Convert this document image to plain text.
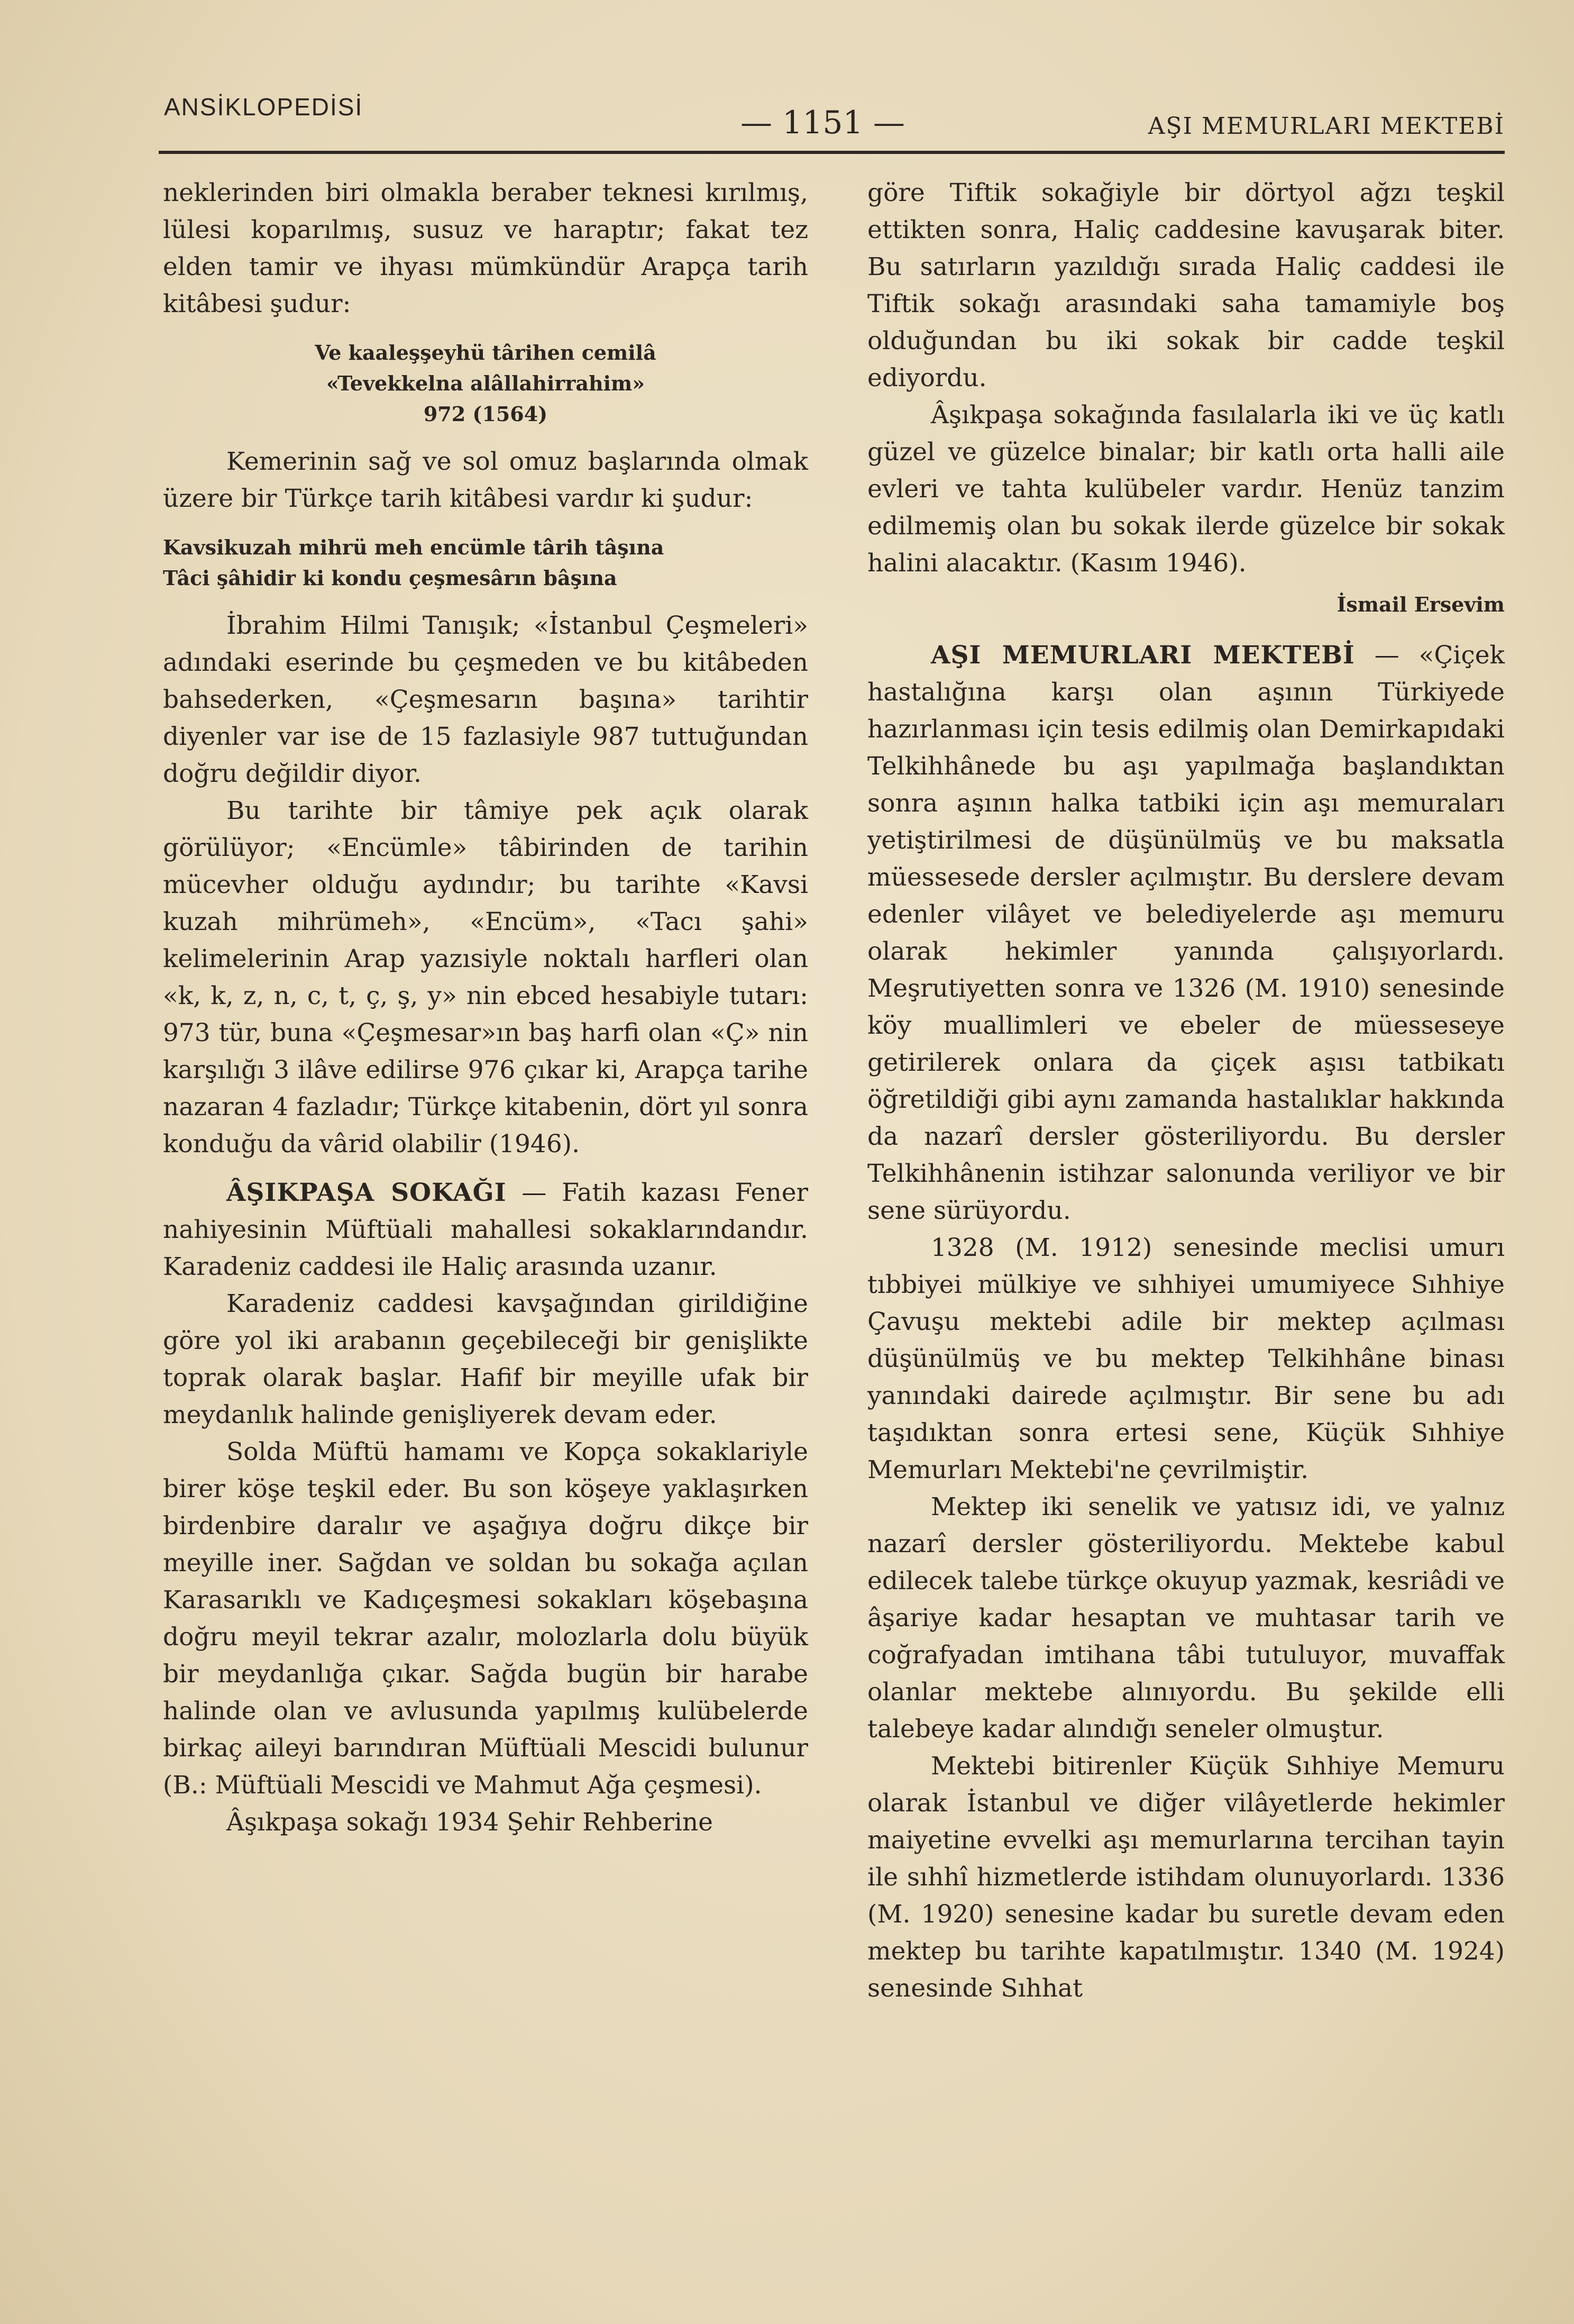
ANSİKLOPEDİSİ	— 1151 —	AŞI MEMURLARI MEKTEBİ

neklerinden biri olmakla beraber teknesi kırılmış, lülesi koparılmış, susuz ve haraptır; fakat tez elden tamir ve ihyası mümkündür Arapça tarih kitâbesi şudur:

Ve kaaleşşeyhü târihen cemilâ
«Tevekkelna alâllahirrahim»
972 (1564)

Kemerinin sağ ve sol omuz başlarında olmak üzere bir Türkçe tarih kitâbesi vardır ki şudur:

Kavsikuzah mihrü meh encümle târih tâşına
Tâci şâhidir ki kondu çeşmesârın bâşına

İbrahim Hilmi Tanışık; «İstanbul Çeşmeleri» adındaki eserinde bu çeşmeden ve bu kitâbeden bahsederken, «Çeşmesarın başına» tarihtir diyenler var ise de 15 fazlasiyle 987 tuttuğundan doğru değildir diyor.

Bu tarihte bir tâmiye pek açık olarak görülüyor; «Encümle» tâbirinden de tarihin mücevher olduğu aydındır; bu tarihte «Kavsi kuzah mihrümeh», «Encüm», «Tacı şahi» kelimelerinin Arap yazısiyle noktalı harfleri olan «k, k, z, n, c, t, ç, ş, y» nin ebced hesabiyle tutarı: 973 tür, buna «Çeşmesar»ın baş harfi olan «Ç» nin karşılığı 3 ilâve edilirse 976 çıkar ki, Arapça tarihe nazaran 4 fazladır; Türkçe kitabenin, dört yıl sonra konduğu da vârid olabilir (1946).

ÂŞIKPAŞA SOKAĞI — Fatih kazası Fener nahiyesinin Müftüali mahallesi sokaklarındandır. Karadeniz caddesi ile Haliç arasında uzanır.

Karadeniz caddesi kavşağından girildiğine göre yol iki arabanın geçebileceği bir genişlikte toprak olarak başlar. Hafif bir meyille ufak bir meydanlık halinde genişliyerek devam eder.

Solda Müftü hamamı ve Kopça sokaklariyle birer köşe teşkil eder. Bu son köşeye yaklaşırken birdenbire daralır ve aşağıya doğru dikçe bir meyille iner. Sağdan ve soldan bu sokağa açılan Karasarıklı ve Kadıçeşmesi sokakları köşebaşına doğru meyil tekrar azalır, molozlarla dolu büyük bir meydanlığa çıkar. Sağda bugün bir harabe halinde olan ve avlusunda yapılmış kulübelerde birkaç aileyi barındıran Müftüali Mescidi bulunur (B.: Müftüali Mescidi ve Mahmut Ağa çeşmesi).

Âşıkpaşa sokağı 1934 Şehir Rehberine

göre Tiftik sokağiyle bir dörtyol ağzı teşkil ettikten sonra, Haliç caddesine kavuşarak biter. Bu satırların yazıldığı sırada Haliç caddesi ile Tiftik sokağı arasındaki saha tamamiyle boş olduğundan bu iki sokak bir cadde teşkil ediyordu.

Âşıkpaşa sokağında fasılalarla iki ve üç katlı güzel ve güzelce binalar; bir katlı orta halli aile evleri ve tahta kulübeler vardır. Henüz tanzim edilmemiş olan bu sokak ilerde güzelce bir sokak halini alacaktır. (Kasım 1946).

İsmail Ersevim

AŞI MEMURLARI MEKTEBİ — «Çiçek hastalığına karşı olan aşının Türkiyede hazırlanması için tesis edilmiş olan Demirkapıdaki Telkihhânede bu aşı yapılmağa başlandıktan sonra aşının halka tatbiki için aşı memuraları yetiştirilmesi de düşünülmüş ve bu maksatla müessesede dersler açılmıştır. Bu derslere devam edenler vilâyet ve belediyelerde aşı memuru olarak hekimler yanında çalışıyorlardı. Meşrutiyetten sonra ve 1326 (M. 1910) senesinde köy muallimleri ve ebeler de müesseseye getirilerek onlara da çiçek aşısı tatbikatı öğretildiği gibi aynı zamanda hastalıklar hakkında da nazarî dersler gösteriliyordu. Bu dersler Telkihhânenin istihzar salonunda veriliyor ve bir sene sürüyordu.

1328 (M. 1912) senesinde meclisi umurı tıbbiyei mülkiye ve sıhhiyei umumiyece Sıhhiye Çavuşu mektebi adile bir mektep açılması düşünülmüş ve bu mektep Telkihhâne binası yanındaki dairede açılmıştır. Bir sene bu adı taşıdıktan sonra ertesi sene, Küçük Sıhhiye Memurları Mektebi'ne çevrilmiştir.

Mektep iki senelik ve yatısız idi, ve yalnız nazarî dersler gösteriliyordu. Mektebe kabul edilecek talebe türkçe okuyup yazmak, kesriâdi ve âşariye kadar hesaptan ve muhtasar tarih ve coğrafyadan imtihana tâbi tutuluyor, muvaffak olanlar mektebe alınıyordu. Bu şekilde elli talebeye kadar alındığı seneler olmuştur.

Mektebi bitirenler Küçük Sıhhiye Memuru olarak İstanbul ve diğer vilâyetlerde hekimler maiyetine evvelki aşı memurlarına tercihan tayin ile sıhhî hizmetlerde istihdam olunuyorlardı. 1336 (M. 1920) senesine kadar bu suretle devam eden mektep bu tarihte kapatılmıştır. 1340 (M. 1924) senesinde Sıhhat
